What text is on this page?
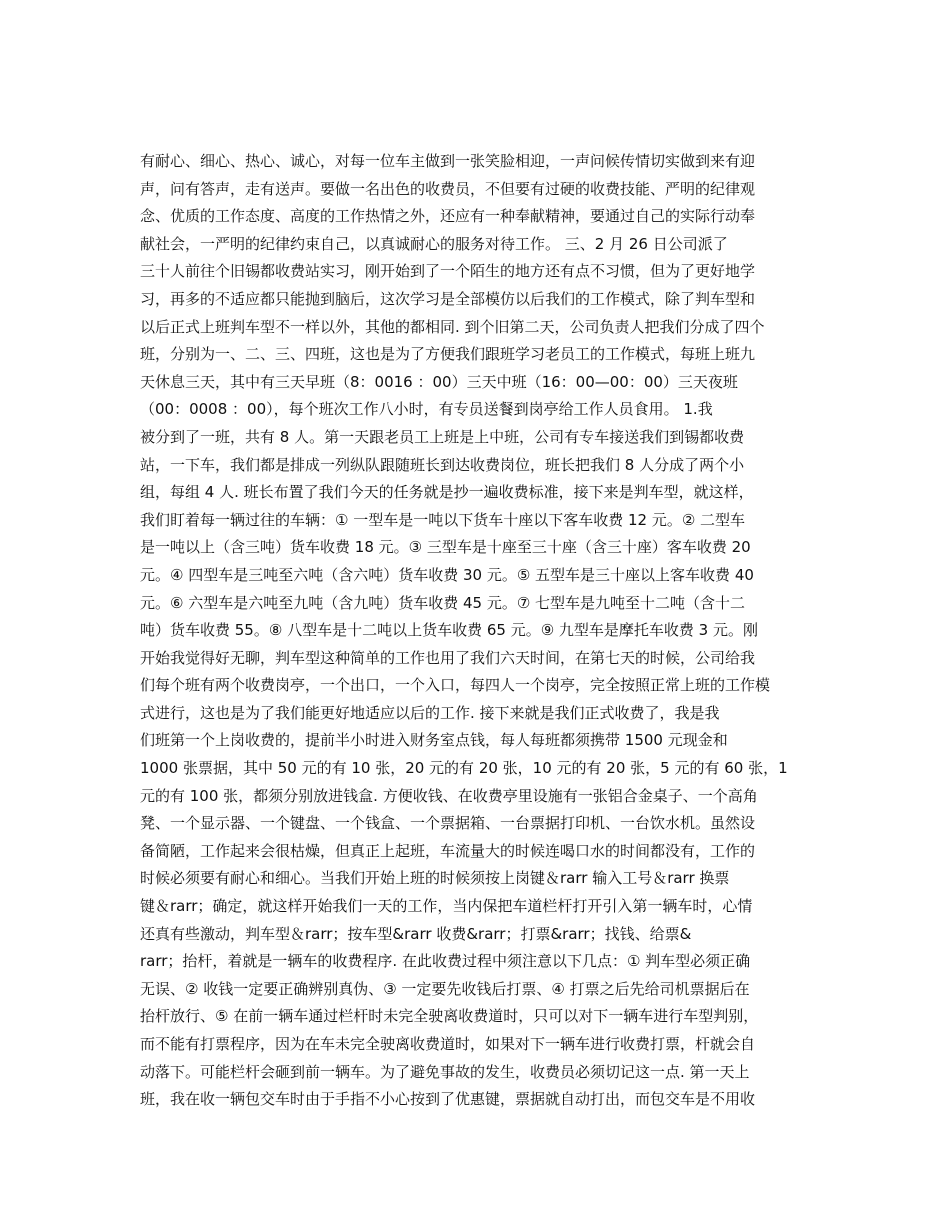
有耐心、细心、热心、诚心，对每一位车主做到一张笑脸相迎，一声问候传情切实做到来有迎
声，问有答声，走有送声。要做一名出色的收费员，不但要有过硬的收费技能、严明的纪律观
念、优质的工作态度、高度的工作热情之外，还应有一种奉献精神，要通过自己的实际行动奉
献社会，一严明的纪律约束自己，以真诚耐心的服务对待工作。 三、2 月 26 日公司派了
三十人前往个旧锡都收费站实习，刚开始到了一个陌生的地方还有点不习惯，但为了更好地学
习，再多的不适应都只能抛到脑后，这次学习是全部模仿以后我们的工作模式，除了判车型和
以后正式上班判车型不一样以外，其他的都相同. 到个旧第二天，公司负责人把我们分成了四个
班，分别为一、二、三、四班，这也是为了方便我们跟班学习老员工的工作模式，每班上班九
天休息三天，其中有三天早班（8：0016 ：00）三天中班（16：00—00：00）三天夜班
（00：0008 ：00），每个班次工作八小时，有专员送餐到岗亭给工作人员食用。 1.我
被分到了一班，共有 8 人。第一天跟老员工上班是上中班，公司有专车接送我们到锡都收费
站，一下车，我们都是排成一列纵队跟随班长到达收费岗位，班长把我们 8 人分成了两个小
组，每组 4 人. 班长布置了我们今天的任务就是抄一遍收费标准，接下来是判车型，就这样，
我们盯着每一辆过往的车辆：① 一型车是一吨以下货车十座以下客车收费 12 元。② 二型车
是一吨以上（含三吨）货车收费 18 元。③ 三型车是十座至三十座（含三十座）客车收费 20
元。④ 四型车是三吨至六吨（含六吨）货车收费 30 元。⑤ 五型车是三十座以上客车收费 40
元。⑥ 六型车是六吨至九吨（含九吨）货车收费 45 元。⑦ 七型车是九吨至十二吨（含十二
吨）货车收费 55。⑧ 八型车是十二吨以上货车收费 65 元。⑨ 九型车是摩托车收费 3 元。刚
开始我觉得好无聊，判车型这种简单的工作也用了我们六天时间，在第七天的时候，公司给我
们每个班有两个收费岗亭，一个出口，一个入口，每四人一个岗亭，完全按照正常上班的工作模
式进行，这也是为了我们能更好地适应以后的工作. 接下来就是我们正式收费了，我是我
们班第一个上岗收费的，提前半小时进入财务室点钱，每人每班都须携带 1500 元现金和
1000 张票据，其中 50 元的有 10 张，20 元的有 20 张，10 元的有 20 张，5 元的有 60 张，1
元的有 100 张，都须分别放进钱盒. 方便收钱、在收费亭里设施有一张铝合金桌子、一个高角
凳、一个显示器、一个键盘、一个钱盒、一个票据箱、一台票据打印机、一台饮水机。虽然设
备简陋，工作起来会很枯燥，但真正上起班，车流量大的时候连喝口水的时间都没有，工作的
时候必须要有耐心和细心。当我们开始上班的时候须按上岗键＆rarr 输入工号＆rarr 换票
键＆rarr；确定，就这样开始我们一天的工作，当内保把车道栏杆打开引入第一辆车时，心情
还真有些激动，判车型＆rarr；按车型&rarr 收费&rarr；打票&rarr；找钱、给票&
rarr；抬杆，着就是一辆车的收费程序. 在此收费过程中须注意以下几点：① 判车型必须正确
无误、② 收钱一定要正确辨别真伪、③ 一定要先收钱后打票、④ 打票之后先给司机票据后在
抬杆放行、⑤ 在前一辆车通过栏杆时未完全驶离收费道时，只可以对下一辆车进行车型判别，
而不能有打票程序，因为在车未完全驶离收费道时，如果对下一辆车进行收费打票，杆就会自
动落下。可能栏杆会砸到前一辆车。为了避免事故的发生，收费员必须切记这一点. 第一天上
班，我在收一辆包交车时由于手指不小心按到了优惠键，票据就自动打出，而包交车是不用收
